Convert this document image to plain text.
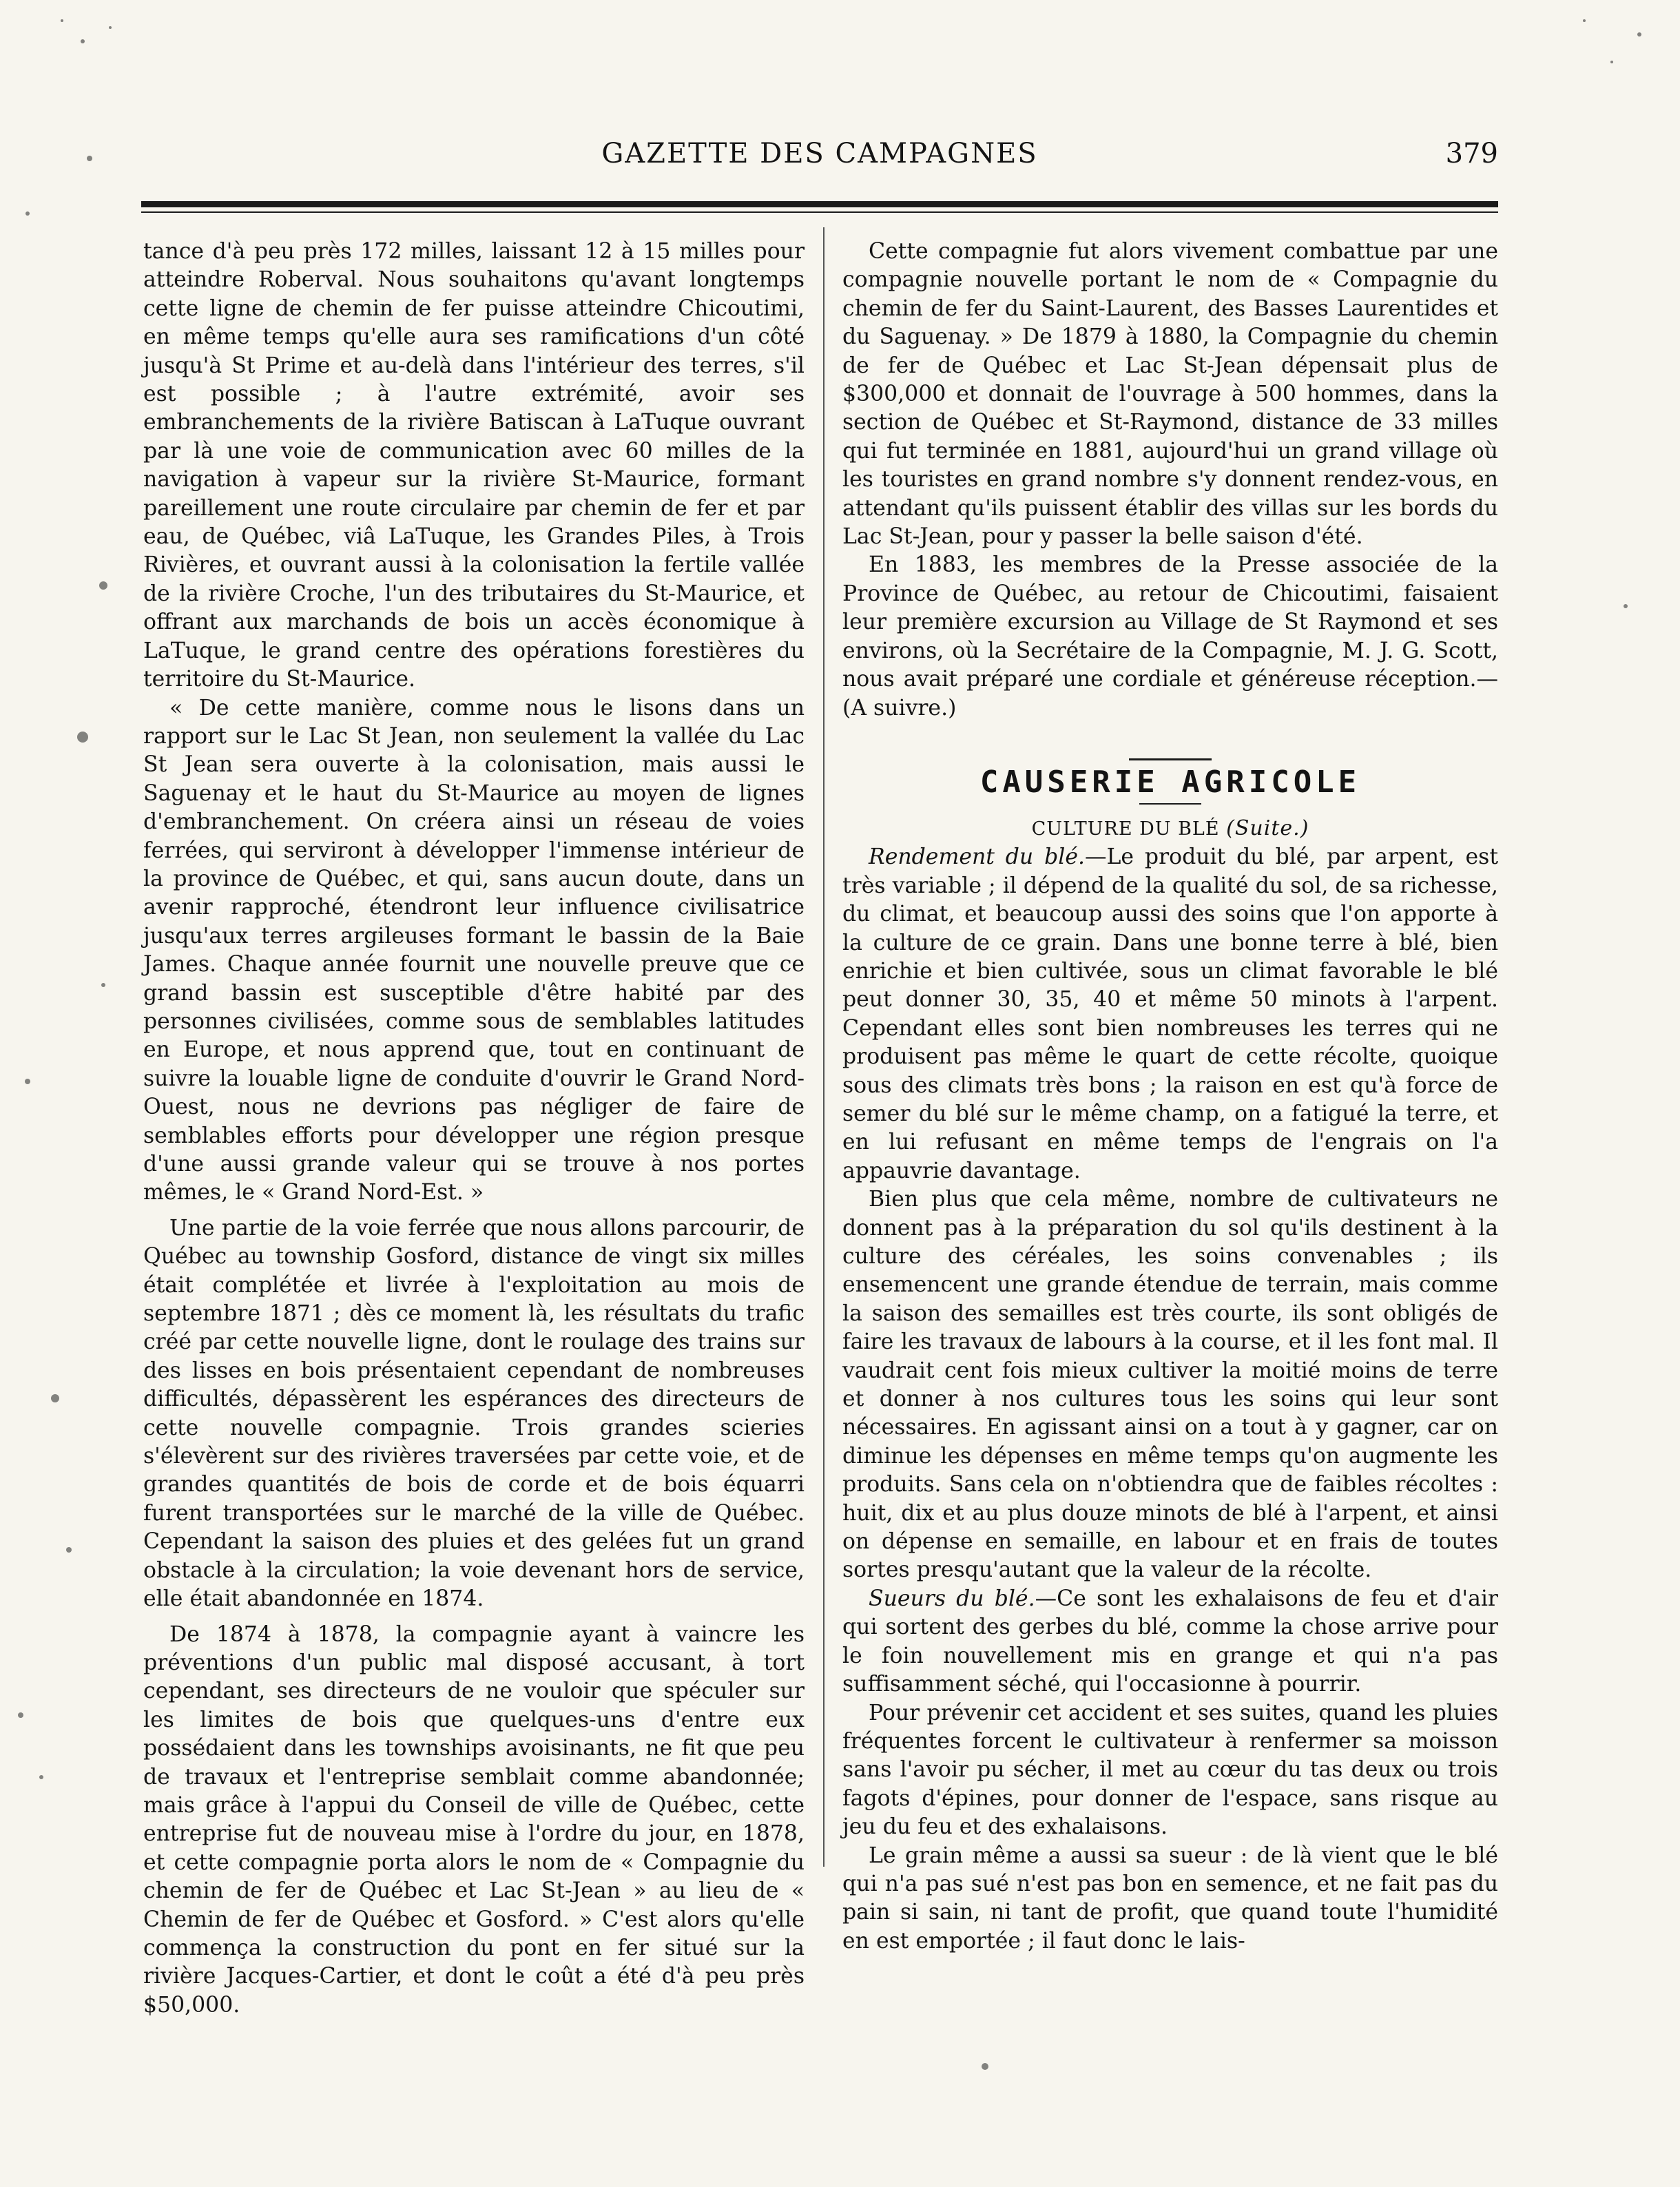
GAZETTE DES CAMPAGNES	379

tance d'à peu près 172 milles, laissant 12 à 15 milles pour atteindre Roberval. Nous souhaitons qu'avant longtemps cette ligne de chemin de fer puisse atteindre Chicoutimi, en même temps qu'elle aura ses ramifications d'un côté jusqu'à St Prime et au-delà dans l'intérieur des terres, s'il est possible ; à l'autre extrémité, avoir ses embranchements de la rivière Batiscan à LaTuque ouvrant par là une voie de communication avec 60 milles de la navigation à vapeur sur la rivière St-Maurice, formant pareillement une route circulaire par chemin de fer et par eau, de Québec, viâ LaTuque, les Grandes Piles, à Trois Rivières, et ouvrant aussi à la colonisation la fertile vallée de la rivière Croche, l'un des tributaires du St-Maurice, et offrant aux marchands de bois un accès économique à LaTuque, le grand centre des opérations forestières du territoire du St-Maurice.

« De cette manière, comme nous le lisons dans un rapport sur le Lac St Jean, non seulement la vallée du Lac St Jean sera ouverte à la colonisation, mais aussi le Saguenay et le haut du St-Maurice au moyen de lignes d'embranchement. On créera ainsi un réseau de voies ferrées, qui serviront à développer l'immense intérieur de la province de Québec, et qui, sans aucun doute, dans un avenir rapproché, étendront leur influence civilisatrice jusqu'aux terres argileuses formant le bassin de la Baie James. Chaque année fournit une nouvelle preuve que ce grand bassin est susceptible d'être habité par des personnes civilisées, comme sous de semblables latitudes en Europe, et nous apprend que, tout en continuant de suivre la louable ligne de conduite d'ouvrir le Grand Nord-Ouest, nous ne devrions pas négliger de faire de semblables efforts pour développer une région presque d'une aussi grande valeur qui se trouve à nos portes mêmes, le « Grand Nord-Est. »

Une partie de la voie ferrée que nous allons parcourir, de Québec au township Gosford, distance de vingt six milles était complétée et livrée à l'exploitation au mois de septembre 1871 ; dès ce moment là, les résultats du trafic créé par cette nouvelle ligne, dont le roulage des trains sur des lisses en bois présentaient cependant de nombreuses difficultés, dépassèrent les espérances des directeurs de cette nouvelle compagnie. Trois grandes scieries s'élevèrent sur des rivières traversées par cette voie, et de grandes quantités de bois de corde et de bois équarri furent transportées sur le marché de la ville de Québec. Cependant la saison des pluies et des gelées fut un grand obstacle à la circulation; la voie devenant hors de service, elle était abandonnée en 1874.

De 1874 à 1878, la compagnie ayant à vaincre les préventions d'un public mal disposé accusant, à tort cependant, ses directeurs de ne vouloir que spéculer sur les limites de bois que quelques-uns d'entre eux possédaient dans les townships avoisinants, ne fit que peu de travaux et l'entreprise semblait comme abandonnée; mais grâce à l'appui du Conseil de ville de Québec, cette entreprise fut de nouveau mise à l'ordre du jour, en 1878, et cette compagnie porta alors le nom de « Compagnie du chemin de fer de Québec et Lac St-Jean » au lieu de « Chemin de fer de Québec et Gosford. » C'est alors qu'elle commença la construction du pont en fer situé sur la rivière Jacques-Cartier, et dont le coût a été d'à peu près $50,000.

Cette compagnie fut alors vivement combattue par une compagnie nouvelle portant le nom de « Compagnie du chemin de fer du Saint-Laurent, des Basses Laurentides et du Saguenay. » De 1879 à 1880, la Compagnie du chemin de fer de Québec et Lac St-Jean dépensait plus de $300,000 et donnait de l'ouvrage à 500 hommes, dans la section de Québec et St-Raymond, distance de 33 milles qui fut terminée en 1881, aujourd'hui un grand village où les touristes en grand nombre s'y donnent rendez-vous, en attendant qu'ils puissent établir des villas sur les bords du Lac St-Jean, pour y passer la belle saison d'été.

En 1883, les membres de la Presse associée de la Province de Québec, au retour de Chicoutimi, faisaient leur première excursion au Village de St Raymond et ses environs, où la Secrétaire de la Compagnie, M. J. G. Scott, nous avait préparé une cordiale et généreuse réception.—(A suivre.)

CAUSERIE AGRICOLE

CULTURE DU BLÉ (Suite.)

Rendement du blé.—Le produit du blé, par arpent, est très variable ; il dépend de la qualité du sol, de sa richesse, du climat, et beaucoup aussi des soins que l'on apporte à la culture de ce grain. Dans une bonne terre à blé, bien enrichie et bien cultivée, sous un climat favorable le blé peut donner 30, 35, 40 et même 50 minots à l'arpent. Cependant elles sont bien nombreuses les terres qui ne produisent pas même le quart de cette récolte, quoique sous des climats très bons ; la raison en est qu'à force de semer du blé sur le même champ, on a fatigué la terre, et en lui refusant en même temps de l'engrais on l'a appauvrie davantage.

Bien plus que cela même, nombre de cultivateurs ne donnent pas à la préparation du sol qu'ils destinent à la culture des céréales, les soins convenables ; ils ensemencent une grande étendue de terrain, mais comme la saison des semailles est très courte, ils sont obligés de faire les travaux de labours à la course, et il les font mal. Il vaudrait cent fois mieux cultiver la moitié moins de terre et donner à nos cultures tous les soins qui leur sont nécessaires. En agissant ainsi on a tout à y gagner, car on diminue les dépenses en même temps qu'on augmente les produits. Sans cela on n'obtiendra que de faibles récoltes : huit, dix et au plus douze minots de blé à l'arpent, et ainsi on dépense en semaille, en labour et en frais de toutes sortes presqu'autant que la valeur de la récolte.

Sueurs du blé.—Ce sont les exhalaisons de feu et d'air qui sortent des gerbes du blé, comme la chose arrive pour le foin nouvellement mis en grange et qui n'a pas suffisamment séché, qui l'occasionne à pourrir.

Pour prévenir cet accident et ses suites, quand les pluies fréquentes forcent le cultivateur à renfermer sa moisson sans l'avoir pu sécher, il met au cœur du tas deux ou trois fagots d'épines, pour donner de l'espace, sans risque au jeu du feu et des exhalaisons.

Le grain même a aussi sa sueur : de là vient que le blé qui n'a pas sué n'est pas bon en semence, et ne fait pas du pain si sain, ni tant de profit, que quand toute l'humidité en est emportée ; il faut donc le lais-
